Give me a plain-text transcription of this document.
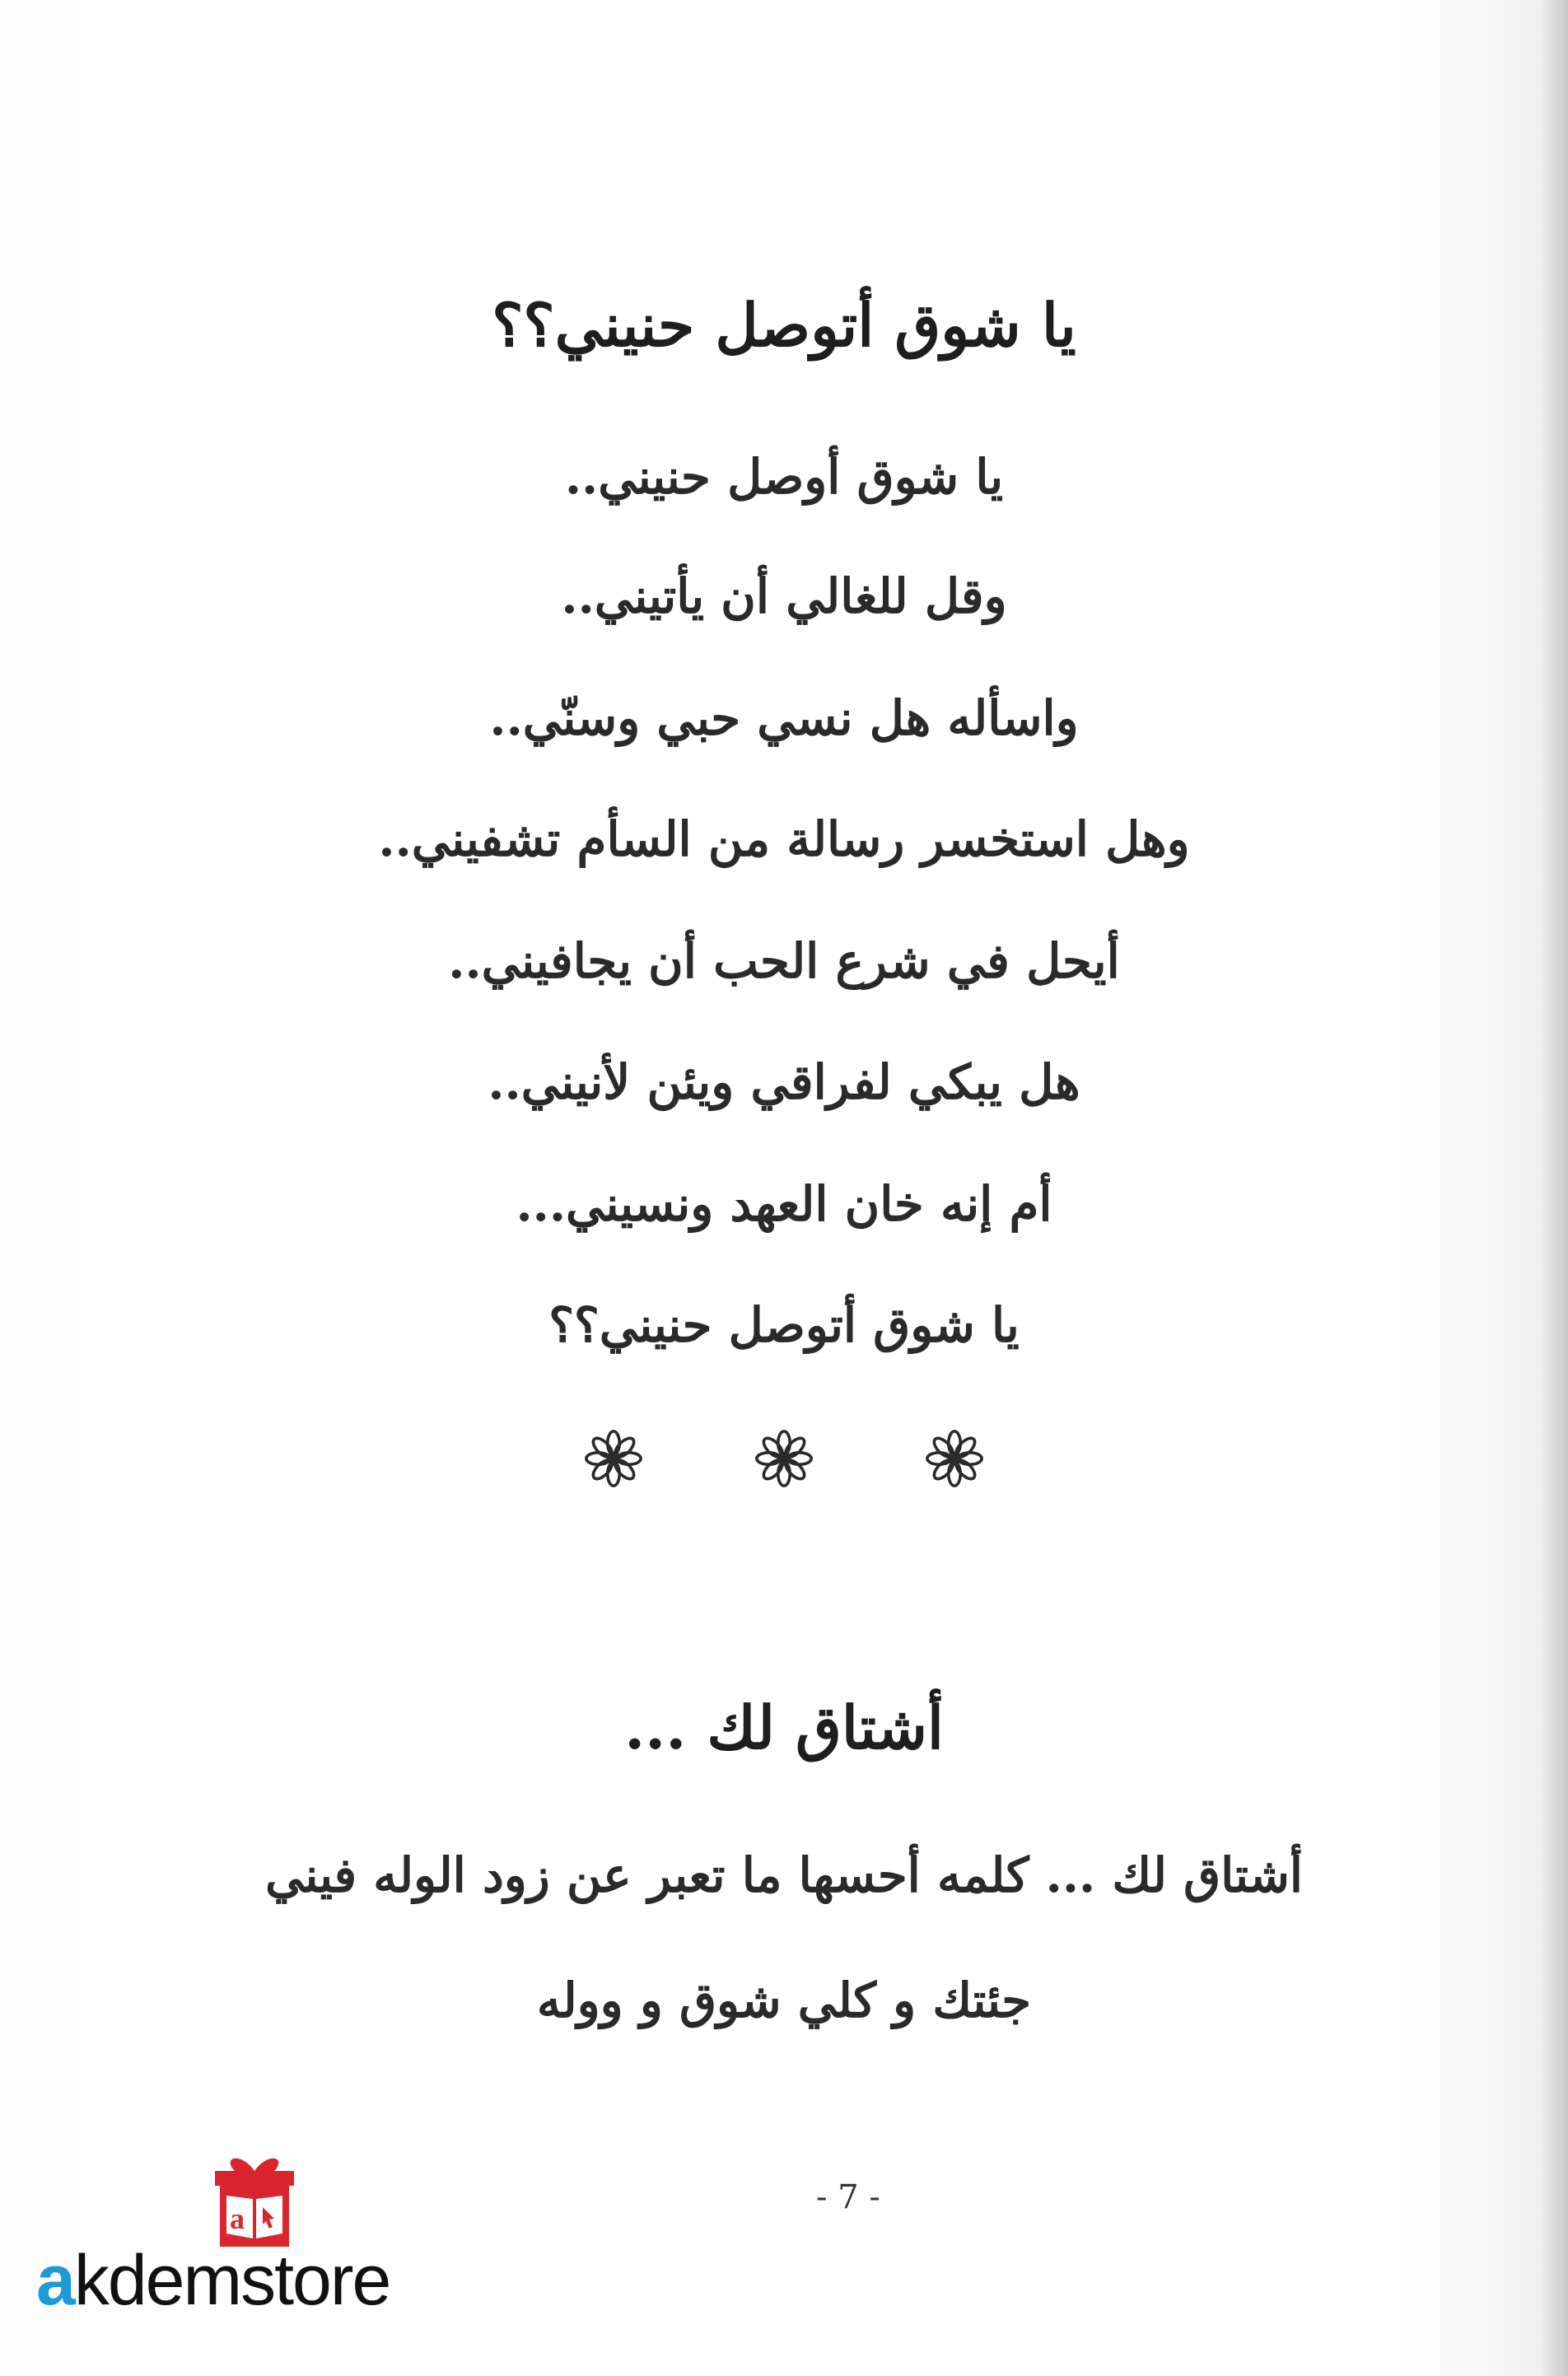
يا شوق أتوصل حنيني؟؟
يا شوق أوصل حنيني..
وقل للغالي أن يأتيني..
واسأله هل نسي حبي وسنّي..
وهل استخسر رسالة من السأم تشفيني..
أيحل في شرع الحب أن يجافيني..
هل يبكي لفراقي ويئن لأنيني..
أم إنه خان العهد ونسيني...
يا شوق أتوصل حنيني؟؟
أشتاق لك ...
أشتاق لك ... كلمه أحسها ما تعبر عن زود الوله فيني
جئتك و كلي شوق و ووله
- 7 -
a
akdemstore
